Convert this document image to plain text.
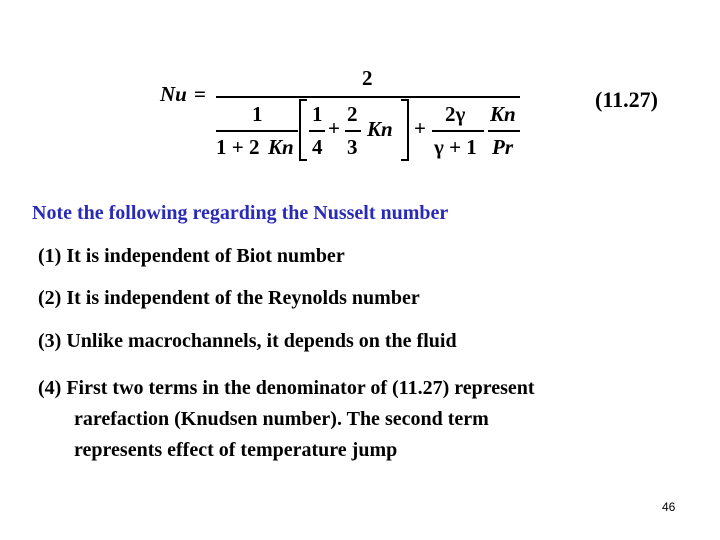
Nu =
2
1
1 + 2 Kn
1
4
+
2
3
Kn +
2γ
γ + 1
Kn
Pr
(11.27)
Note the following regarding the Nusselt number
(1) It is independent of Biot number
(2) It is independent of the Reynolds number
(3) Unlike macrochannels, it depends on the fluid
(4) First two terms in the denominator of (11.27) represent
rarefaction (Knudsen number). The second term
represents effect of temperature jump
46
